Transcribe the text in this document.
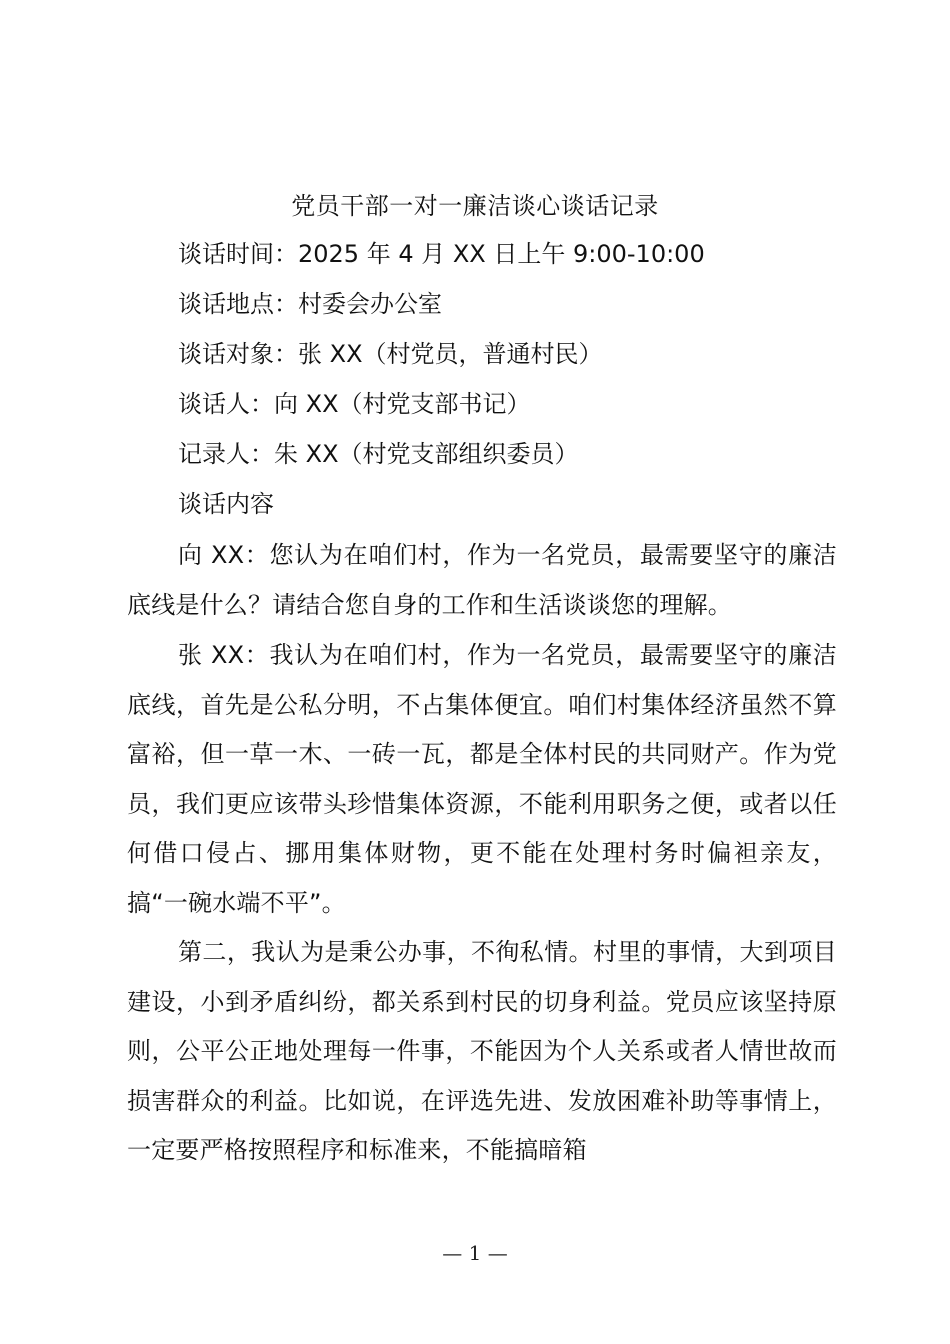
党员干部一对一廉洁谈心谈话记录
谈话时间：2025 年 4 月 XX 日上午 9:00-10:00
谈话地点：村委会办公室
谈话对象：张 XX（村党员，普通村民）
谈话人：向 XX（村党支部书记）
记录人：朱 XX（村党支部组织委员）
谈话内容

向 XX：您认为在咱们村，作为一名党员，最需要坚守的廉洁底线是什么？请结合您自身的工作和生活谈谈您的理解。

张 XX：我认为在咱们村，作为一名党员，最需要坚守的廉洁底线，首先是公私分明，不占集体便宜。咱们村集体经济虽然不算富裕，但一草一木、一砖一瓦，都是全体村民的共同财产。作为党员，我们更应该带头珍惜集体资源，不能利用职务之便，或者以任何借口侵占、挪用集体财物，更不能在处理村务时偏袒亲友，搞“一碗水端不平”。

第二，我认为是秉公办事，不徇私情。村里的事情，大到项目建设，小到矛盾纠纷，都关系到村民的切身利益。党员应该坚持原则，公平公正地处理每一件事，不能因为个人关系或者人情世故而损害群众的利益。比如说，在评选先进、发放困难补助等事情上，一定要严格按照程序和标准来，不能搞暗箱

— 1 —
